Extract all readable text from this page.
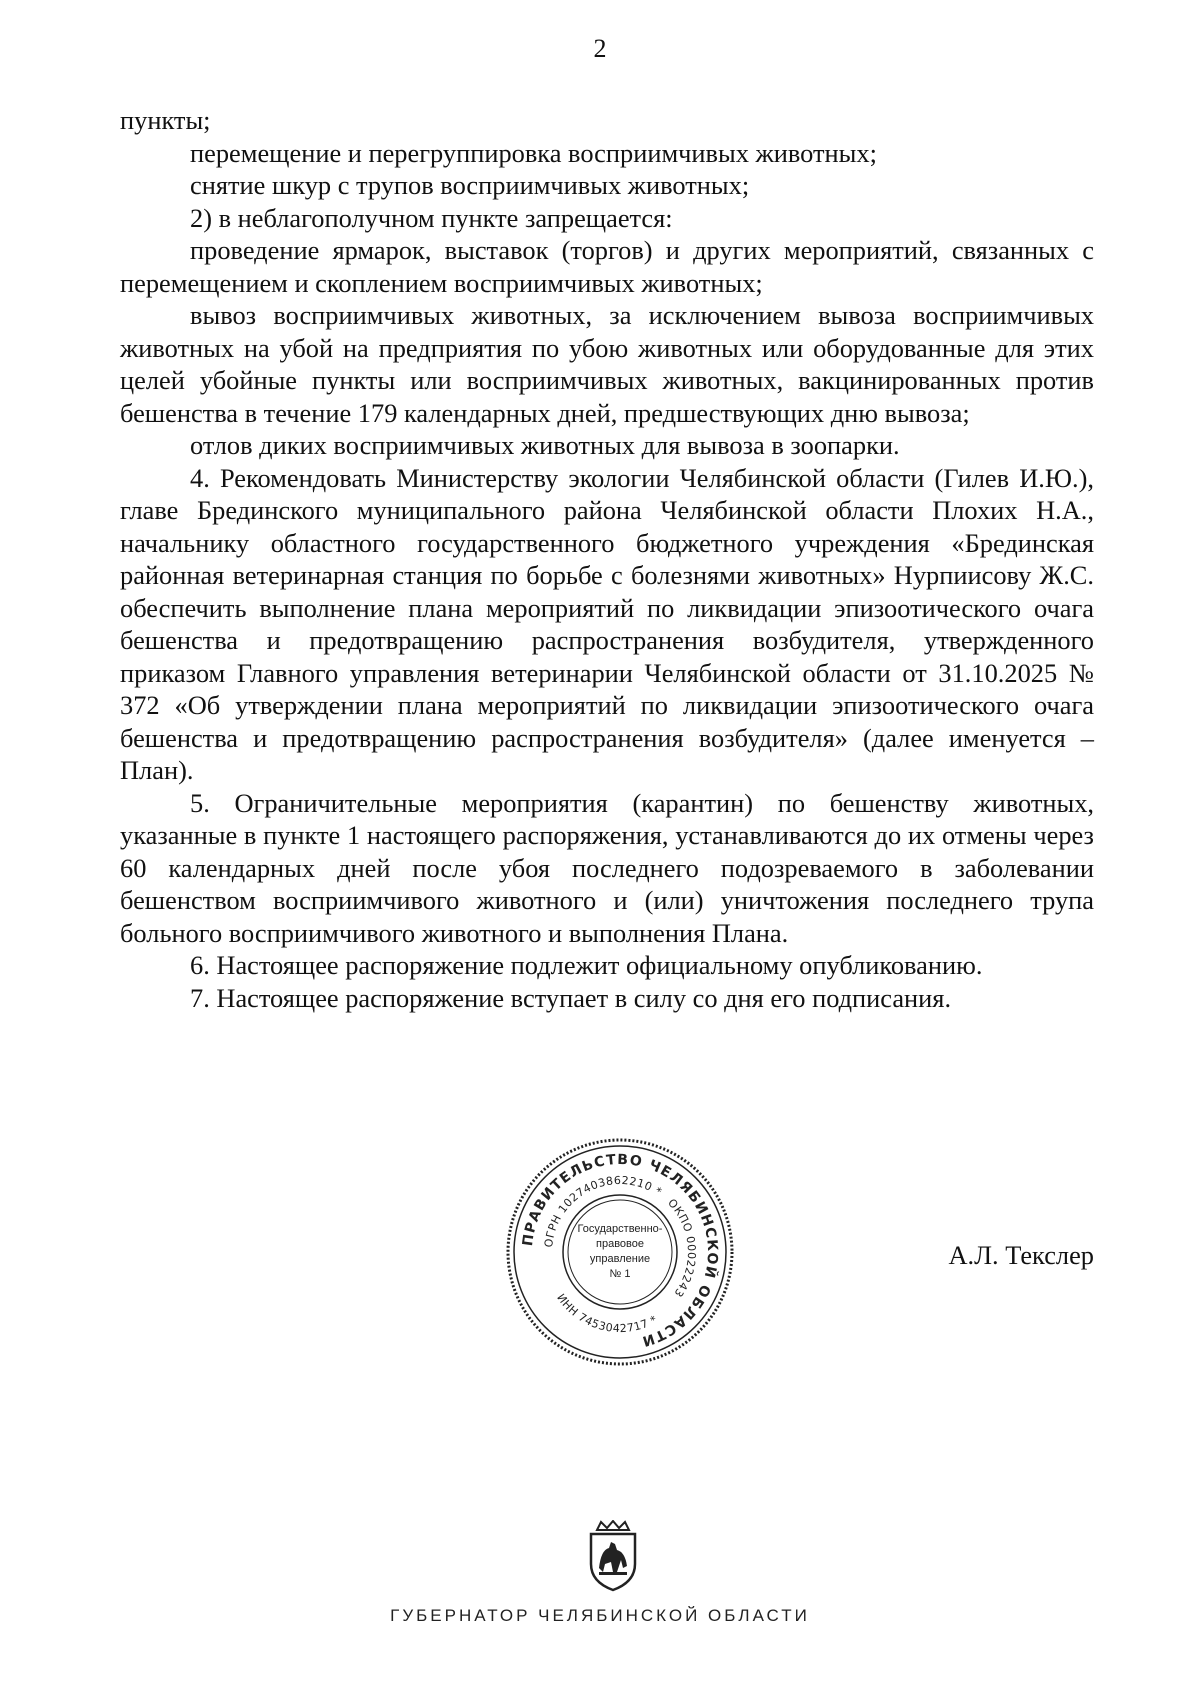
2

пункты;

перемещение и перегруппировка восприимчивых животных;

снятие шкур с трупов восприимчивых животных;

2) в неблагополучном пункте запрещается:

проведение ярмарок, выставок (торгов) и других мероприятий, связанных с перемещением и скоплением восприимчивых животных;

вывоз восприимчивых животных, за исключением вывоза восприимчивых животных на убой на предприятия по убою животных или оборудованные для этих целей убойные пункты или восприимчивых животных, вакцинированных против бешенства в течение 179 календарных дней, предшествующих дню вывоза;

отлов диких восприимчивых животных для вывоза в зоопарки.

4. Рекомендовать Министерству экологии Челябинской области (Гилев И.Ю.), главе Брединского муниципального района Челябинской области Плохих Н.А., начальнику областного государственного бюджетного учреждения «Брединская районная ветеринарная станция по борьбе с болезнями животных» Нурпиисову Ж.С. обеспечить выполнение плана мероприятий по ликвидации эпизоотического очага бешенства и предотвращению распространения возбудителя, утвержденного приказом Главного управления ветеринарии Челябинской области от 31.10.2025 № 372 «Об утверждении плана мероприятий по ликвидации эпизоотического очага бешенства и предотвращению распространения возбудителя» (далее именуется – План).

5. Ограничительные мероприятия (карантин) по бешенству животных, указанные в пункте 1 настоящего распоряжения, устанавливаются до их отмены через 60 календарных дней после убоя последнего подозреваемого в заболевании бешенством восприимчивого животного и (или) уничтожения последнего трупа больного восприимчивого животного и выполнения Плана.

6. Настоящее распоряжение подлежит официальному опубликованию.

7. Настоящее распоряжение вступает в силу со дня его подписания.

ПРАВИТЕЛЬСТВО ЧЕЛЯБИНСКОЙ ОБЛАСТИ
ОГРН 1027403862210 *
ОКПО 00022243
ИНН 7453042717 *
Государственно-
правовое
управление
№ 1
А.Л. Текслер
ГУБЕРНАТОР ЧЕЛЯБИНСКОЙ ОБЛАСТИ
